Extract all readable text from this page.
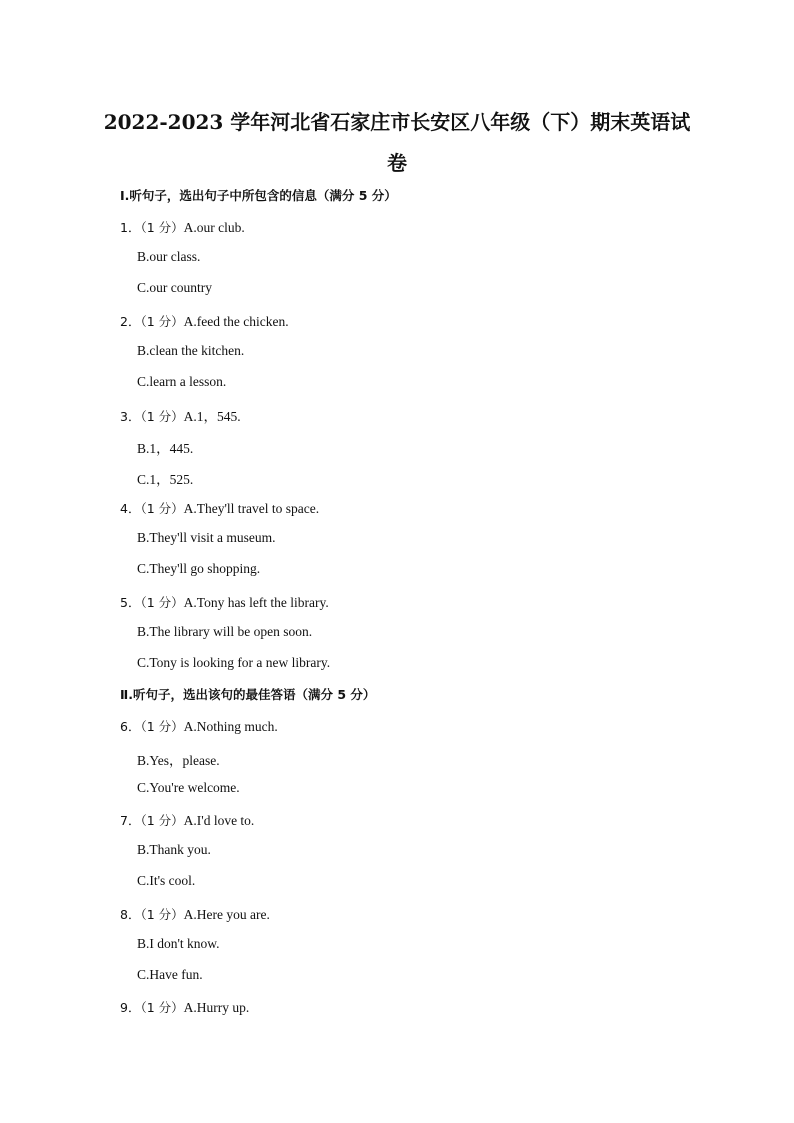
2022-2023 学年河北省石家庄市长安区八年级（下）期末英语试
卷
Ⅰ.听句子，选出句子中所包含的信息（满分 5 分）
1．（1 分）A.our club.
B.our class.
C.our country
2．（1 分）A.feed the chicken.
B.clean the kitchen.
C.learn a lesson.
3．（1 分）A.1，545.
B.1，445.
C.1，525.
4．（1 分）A.They'll travel to space.
B.They'll visit a museum.
C.They'll go shopping.
5．（1 分）A.Tony has left the library.
B.The library will be open soon.
C.Tony is looking for a new library.
Ⅱ.听句子，选出该句的最佳答语（满分 5 分）
6．（1 分）A.Nothing much.
B.Yes，please.
C.You're welcome.
7．（1 分）A.I'd love to.
B.Thank you.
C.It's cool.
8．（1 分）A.Here you are.
B.I don't know.
C.Have fun.
9．（1 分）A.Hurry up.
